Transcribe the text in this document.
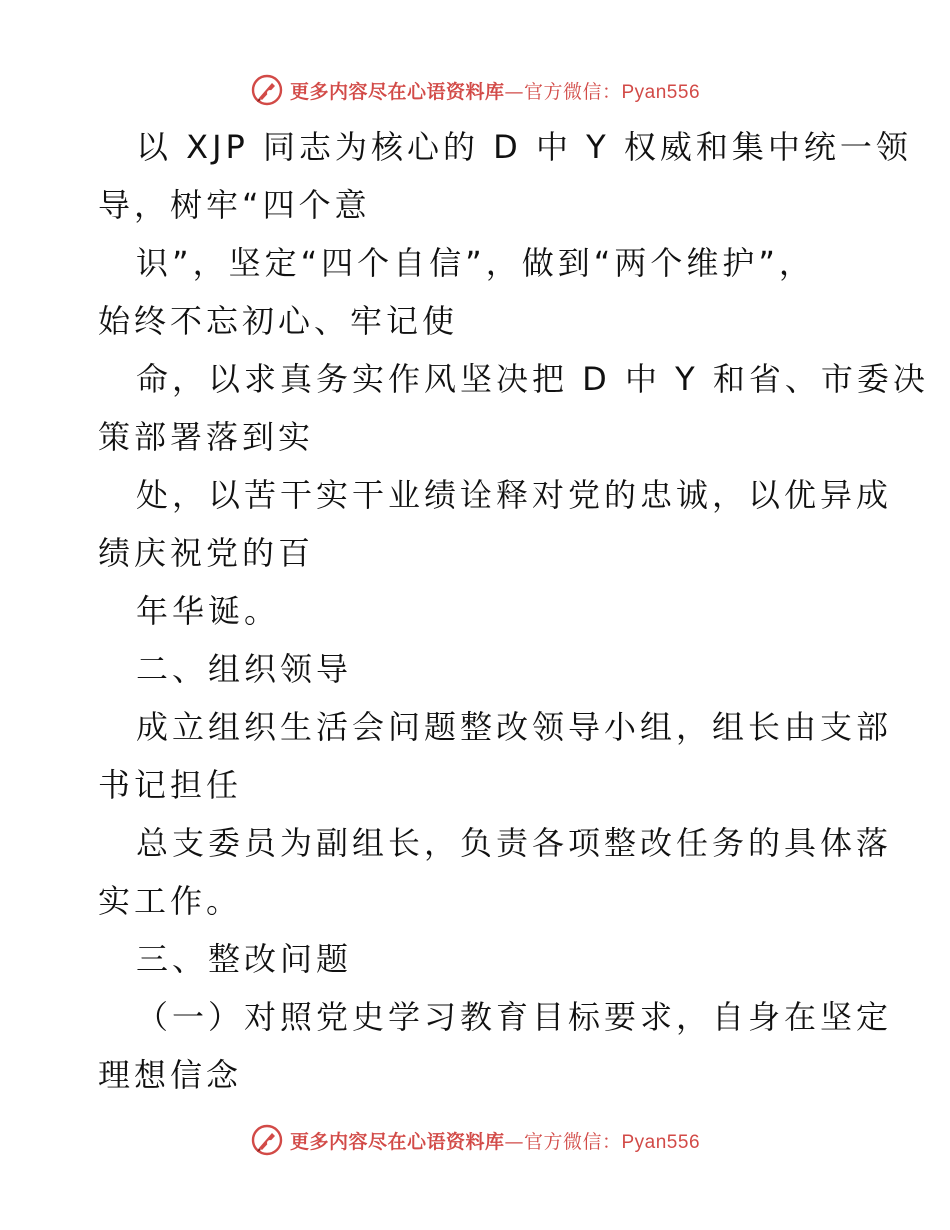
更多内容尽在心语资料库—官方微信：Pyan556
以 XJP 同志为核心的 D 中 Y 权威和集中统一领
导，树牢“四个意
识”，坚定“四个自信”，做到“两个维护”，
始终不忘初心、牢记使
命，以求真务实作风坚决把 D 中 Y 和省、市委决
策部署落到实
处，以苦干实干业绩诠释对党的忠诚，以优异成
绩庆祝党的百
年华诞。
二、组织领导
成立组织生活会问题整改领导小组，组长由支部
书记担任
总支委员为副组长，负责各项整改任务的具体落
实工作。
三、整改问题
（一）对照党史学习教育目标要求，自身在坚定
理想信念
更多内容尽在心语资料库—官方微信：Pyan556
